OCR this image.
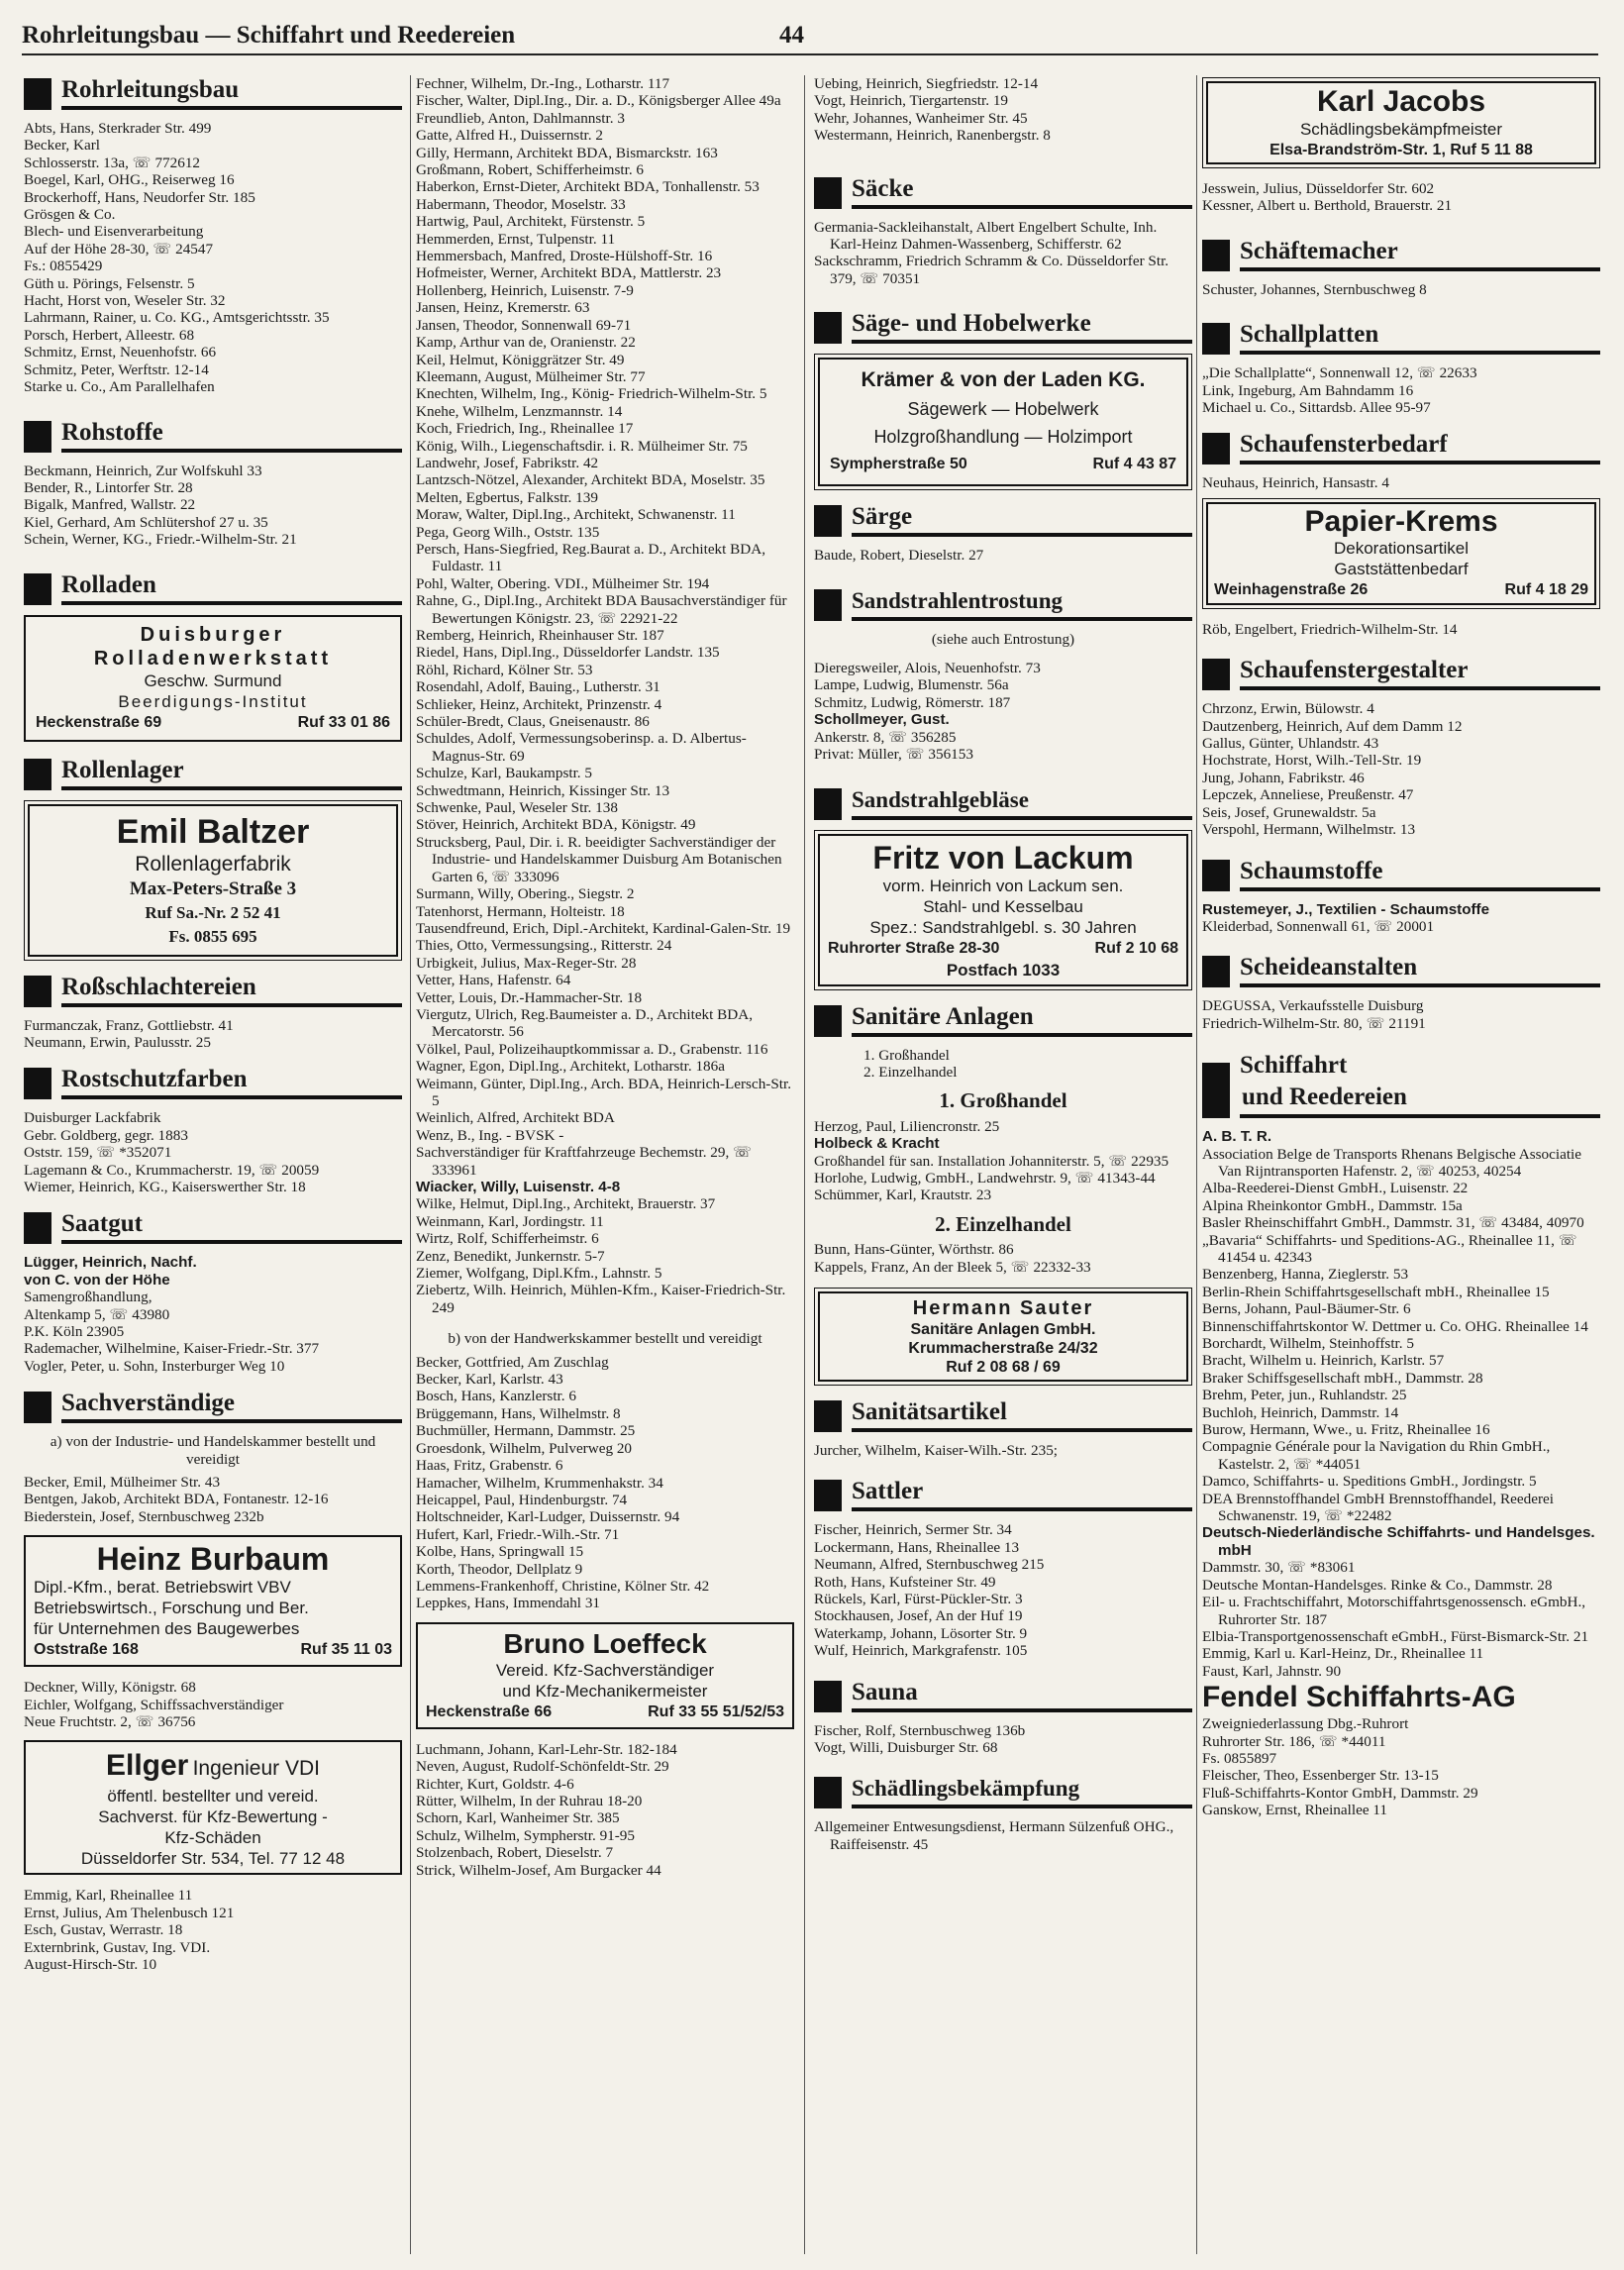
Rohrleitungsbau — Schiffahrt und Reedereien	44
Rohrleitungsbau
Abts, Hans, Sterkrader Str. 499
Becker, Karl
Schlosserstr. 13a, ☏ 772612
Boegel, Karl, OHG., Reiserweg 16
Brockerhoff, Hans, Neudorfer Str. 185
Grösgen & Co.
Blech- und Eisenverarbeitung
Auf der Höhe 28-30, ☏ 24547
Fs.: 0855429
Güth u. Pörings, Felsenstr. 5
Hacht, Horst von, Weseler Str. 32
Lahrmann, Rainer, u. Co. KG., Amtsgerichtsstr. 35
Porsch, Herbert, Alleestr. 68
Schmitz, Ernst, Neuenhofstr. 66
Schmitz, Peter, Werftstr. 12-14
Starke u. Co., Am Parallelhafen
Rohstoffe
Beckmann, Heinrich, Zur Wolfskuhl 33
Bender, R., Lintorfer Str. 28
Bigalk, Manfred, Wallstr. 22
Kiel, Gerhard, Am Schlütershof 27 u. 35
Schein, Werner, KG., Friedr.-Wilhelm-Str. 21
Rolladen
Duisburger
Rolladenwerkstatt
Geschw. Surmund
Beerdigungs-Institut
Heckenstraße 69	Ruf 33 01 86
Rollenlager
Emil Baltzer
Rollenlagerfabrik
Max-Peters-Straße 3
Ruf Sa.-Nr. 2 52 41
Fs. 0855 695
Roßschlachtereien
Furmanczak, Franz, Gottliebstr. 41
Neumann, Erwin, Paulusstr. 25
Rostschutzfarben
Duisburger Lackfabrik
Gebr. Goldberg, gegr. 1883
Oststr. 159, ☏ *352071
Lagemann & Co., Krummacherstr. 19, ☏ 20059
Wiemer, Heinrich, KG., Kaiserswerther Str. 18
Saatgut
Lügger, Heinrich, Nachf.
von C. von der Höhe
Samengroßhandlung,
Altenkamp 5, ☏ 43980
P.K. Köln 23905
Rademacher, Wilhelmine, Kaiser-Friedr.-Str. 377
Vogler, Peter, u. Sohn, Insterburger Weg 10
Sachverständige
a) von der Industrie- und Handelskammer bestellt und vereidigt
Becker, Emil, Mülheimer Str. 43
Bentgen, Jakob, Architekt BDA, Fontanestr. 12-16
Biederstein, Josef, Sternbuschweg 232b
Heinz Burbaum
Dipl.-Kfm., berat. Betriebswirt VBV
Betriebswirtsch., Forschung und Ber.
für Unternehmen des Baugewerbes
Oststraße 168	Ruf 35 11 03
Deckner, Willy, Königstr. 68
Eichler, Wolfgang, Schiffssachverständiger
Neue Fruchtstr. 2, ☏ 36756
Ellger Ingenieur VDI
öffentl. bestellter und vereid.
Sachverst. für Kfz-Bewertung -
Kfz-Schäden
Düsseldorfer Str. 534, Tel. 77 12 48
Emmig, Karl, Rheinallee 11
Ernst, Julius, Am Thelenbusch 121
Esch, Gustav, Werrastr. 18
Externbrink, Gustav, Ing. VDI.
August-Hirsch-Str. 10
Fechner, Wilhelm, Dr.-Ing., Lotharstr. 117
Fischer, Walter, Dipl.Ing., Dir. a. D., Königsberger Allee 49a
Freundlieb, Anton, Dahlmannstr. 3
Gatte, Alfred H., Duissernstr. 2
Gilly, Hermann, Architekt BDA, Bismarckstr. 163
Großmann, Robert, Schifferheimstr. 6
Haberkon, Ernst-Dieter, Architekt BDA, Tonhallenstr. 53
Habermann, Theodor, Moselstr. 33
Hartwig, Paul, Architekt, Fürstenstr. 5
Hemmerden, Ernst, Tulpenstr. 11
Hemmersbach, Manfred, Droste-Hülshoff-Str. 16
Hofmeister, Werner, Architekt BDA, Mattlerstr. 23
Hollenberg, Heinrich, Luisenstr. 7-9
Jansen, Heinz, Kremerstr. 63
Jansen, Theodor, Sonnenwall 69-71
Kamp, Arthur van de, Oranienstr. 22
Keil, Helmut, Königgrätzer Str. 49
Kleemann, August, Mülheimer Str. 77
Knechten, Wilhelm, Ing., König- Friedrich-Wilhelm-Str. 5
Knehe, Wilhelm, Lenzmannstr. 14
Koch, Friedrich, Ing., Rheinallee 17
König, Wilh., Liegenschaftsdir. i. R. Mülheimer Str. 75
Landwehr, Josef, Fabrikstr. 42
Lantzsch-Nötzel, Alexander, Architekt BDA, Moselstr. 35
Melten, Egbertus, Falkstr. 139
Moraw, Walter, Dipl.Ing., Architekt, Schwanenstr. 11
Pega, Georg Wilh., Oststr. 135
Persch, Hans-Siegfried, Reg.Baurat a. D., Architekt BDA, Fuldastr. 11
Pohl, Walter, Obering. VDI., Mülheimer Str. 194
Rahne, G., Dipl.Ing., Architekt BDA Bausachverständiger für Bewertungen Königstr. 23, ☏ 22921-22
Remberg, Heinrich, Rheinhauser Str. 187
Riedel, Hans, Dipl.Ing., Düsseldorfer Landstr. 135
Röhl, Richard, Kölner Str. 53
Rosendahl, Adolf, Bauing., Lutherstr. 31
Schlieker, Heinz, Architekt, Prinzenstr. 4
Schüler-Bredt, Claus, Gneisenaustr. 86
Schuldes, Adolf, Vermessungsoberinsp. a. D. Albertus-Magnus-Str. 69
Schulze, Karl, Baukampstr. 5
Schwedtmann, Heinrich, Kissinger Str. 13
Schwenke, Paul, Weseler Str. 138
Stöver, Heinrich, Architekt BDA, Königstr. 49
Strucksberg, Paul, Dir. i. R. beeidigter Sachverständiger der Industrie- und Handelskammer Duisburg Am Botanischen Garten 6, ☏ 333096
Surmann, Willy, Obering., Siegstr. 2
Tatenhorst, Hermann, Holteistr. 18
Tausendfreund, Erich, Dipl.-Architekt, Kardinal-Galen-Str. 19
Thies, Otto, Vermessungsing., Ritterstr. 24
Urbigkeit, Julius, Max-Reger-Str. 28
Vetter, Hans, Hafenstr. 64
Vetter, Louis, Dr.-Hammacher-Str. 18
Viergutz, Ulrich, Reg.Baumeister a. D., Architekt BDA, Mercatorstr. 56
Völkel, Paul, Polizeihauptkommissar a. D., Grabenstr. 116
Wagner, Egon, Dipl.Ing., Architekt, Lotharstr. 186a
Weimann, Günter, Dipl.Ing., Arch. BDA, Heinrich-Lersch-Str. 5
Weinlich, Alfred, Architekt BDA
Wenz, B., Ing. - BVSK -
Sachverständiger für Kraftfahrzeuge Bechemstr. 29, ☏ 333961
Wiacker, Willy, Luisenstr. 4-8
Wilke, Helmut, Dipl.Ing., Architekt, Brauerstr. 37
Weinmann, Karl, Jordingstr. 11
Wirtz, Rolf, Schifferheimstr. 6
Zenz, Benedikt, Junkernstr. 5-7
Ziemer, Wolfgang, Dipl.Kfm., Lahnstr. 5
Ziebertz, Wilh. Heinrich, Mühlen-Kfm., Kaiser-Friedrich-Str. 249
b) von der Handwerkskammer bestellt und vereidigt
Becker, Gottfried, Am Zuschlag
Becker, Karl, Karlstr. 43
Bosch, Hans, Kanzlerstr. 6
Brüggemann, Hans, Wilhelmstr. 8
Buchmüller, Hermann, Dammstr. 25
Groesdonk, Wilhelm, Pulverweg 20
Haas, Fritz, Grabenstr. 6
Hamacher, Wilhelm, Krummenhakstr. 34
Heicappel, Paul, Hindenburgstr. 74
Holtschneider, Karl-Ludger, Duissernstr. 94
Hufert, Karl, Friedr.-Wilh.-Str. 71
Kolbe, Hans, Springwall 15
Korth, Theodor, Dellplatz 9
Lemmens-Frankenhoff, Christine, Kölner Str. 42
Leppkes, Hans, Immendahl 31
Bruno Loeffeck
Vereid. Kfz-Sachverständiger
und Kfz-Mechanikermeister
Heckenstraße 66	Ruf 33 55 51/52/53
Luchmann, Johann, Karl-Lehr-Str. 182-184
Neven, August, Rudolf-Schönfeldt-Str. 29
Richter, Kurt, Goldstr. 4-6
Rütter, Wilhelm, In der Ruhrau 18-20
Schorn, Karl, Wanheimer Str. 385
Schulz, Wilhelm, Sympherstr. 91-95
Stolzenbach, Robert, Dieselstr. 7
Strick, Wilhelm-Josef, Am Burgacker 44
Uebing, Heinrich, Siegfriedstr. 12-14
Vogt, Heinrich, Tiergartenstr. 19
Wehr, Johannes, Wanheimer Str. 45
Westermann, Heinrich, Ranenbergstr. 8
Säcke
Germania-Sackleihanstalt, Albert Engelbert Schulte, Inh. Karl-Heinz Dahmen-Wassenberg, Schifferstr. 62
Sackschramm, Friedrich Schramm & Co. Düsseldorfer Str. 379, ☏ 70351
Säge- und Hobelwerke
Krämer & von der Laden KG.
Sägewerk — Hobelwerk
Holzgroßhandlung — Holzimport
Sympherstraße 50	Ruf 4 43 87
Särge
Baude, Robert, Dieselstr. 27
Sandstrahlentrostung
(siehe auch Entrostung)
Dieregsweiler, Alois, Neuenhofstr. 73
Lampe, Ludwig, Blumenstr. 56a
Schmitz, Ludwig, Römerstr. 187
Schollmeyer, Gust.
Ankerstr. 8, ☏ 356285
Privat: Müller, ☏ 356153
Sandstrahlgebläse
Fritz von Lackum
vorm. Heinrich von Lackum sen.
Stahl- und Kesselbau
Spez.: Sandstrahlgebl. s. 30 Jahren
Ruhrorter Straße 28-30	Ruf 2 10 68
Postfach 1033
Sanitäre Anlagen
1. Großhandel
2. Einzelhandel
1. Großhandel
Herzog, Paul, Liliencronstr. 25
Holbeck & Kracht
Großhandel für san. Installation Johanniterstr. 5, ☏ 22935
Horlohe, Ludwig, GmbH., Landwehrstr. 9, ☏ 41343-44
Schümmer, Karl, Krautstr. 23
2. Einzelhandel
Bunn, Hans-Günter, Wörthstr. 86
Kappels, Franz, An der Bleek 5, ☏ 22332-33
Hermann Sauter
Sanitäre Anlagen GmbH.
Krummacherstraße 24/32
Ruf 2 08 68 / 69
Sanitätsartikel
Jurcher, Wilhelm, Kaiser-Wilh.-Str. 235;
Sattler
Fischer, Heinrich, Sermer Str. 34
Lockermann, Hans, Rheinallee 13
Neumann, Alfred, Sternbuschweg 215
Roth, Hans, Kufsteiner Str. 49
Rückels, Karl, Fürst-Pückler-Str. 3
Stockhausen, Josef, An der Huf 19
Waterkamp, Johann, Lösorter Str. 9
Wulf, Heinrich, Markgrafenstr. 105
Sauna
Fischer, Rolf, Sternbuschweg 136b
Vogt, Willi, Duisburger Str. 68
Schädlingsbekämpfung
Allgemeiner Entwesungsdienst, Hermann Sülzenfuß OHG., Raiffeisenstr. 45
Karl Jacobs
Schädlingsbekämpfmeister
Elsa-Brandström-Str. 1, Ruf 5 11 88
Jesswein, Julius, Düsseldorfer Str. 602
Kessner, Albert u. Berthold, Brauerstr. 21
Schäftemacher
Schuster, Johannes, Sternbuschweg 8
Schallplatten
„Die Schallplatte“, Sonnenwall 12, ☏ 22633
Link, Ingeburg, Am Bahndamm 16
Michael u. Co., Sittardsb. Allee 95-97
Schaufensterbedarf
Neuhaus, Heinrich, Hansastr. 4
Papier-Krems
Dekorationsartikel
Gaststättenbedarf
Weinhagenstraße 26	Ruf 4 18 29
Röb, Engelbert, Friedrich-Wilhelm-Str. 14
Schaufenstergestalter
Chrzonz, Erwin, Bülowstr. 4
Dautzenberg, Heinrich, Auf dem Damm 12
Gallus, Günter, Uhlandstr. 43
Hochstrate, Horst, Wilh.-Tell-Str. 19
Jung, Johann, Fabrikstr. 46
Lepczek, Anneliese, Preußenstr. 47
Seis, Josef, Grunewaldstr. 5a
Verspohl, Hermann, Wilhelmstr. 13
Schaumstoffe
Rustemeyer, J., Textilien - Schaumstoffe
Kleiderbad, Sonnenwall 61, ☏ 20001
Scheideanstalten
DEGUSSA, Verkaufsstelle Duisburg
Friedrich-Wilhelm-Str. 80, ☏ 21191
Schiffahrt
und Reedereien
A. B. T. R.
Association Belge de Transports Rhenans Belgische Associatie Van Rijntransporten Hafenstr. 2, ☏ 40253, 40254
Alba-Reederei-Dienst GmbH., Luisenstr. 22
Alpina Rheinkontor GmbH., Dammstr. 15a
Basler Rheinschiffahrt GmbH., Dammstr. 31, ☏ 43484, 40970
„Bavaria“ Schiffahrts- und Speditions-AG., Rheinallee 11, ☏ 41454 u. 42343
Benzenberg, Hanna, Zieglerstr. 53
Berlin-Rhein Schiffahrtsgesellschaft mbH., Rheinallee 15
Berns, Johann, Paul-Bäumer-Str. 6
Binnenschiffahrtskontor W. Dettmer u. Co. OHG. Rheinallee 14
Borchardt, Wilhelm, Steinhoffstr. 5
Bracht, Wilhelm u. Heinrich, Karlstr. 57
Braker Schiffsgesellschaft mbH., Dammstr. 28
Brehm, Peter, jun., Ruhlandstr. 25
Buchloh, Heinrich, Dammstr. 14
Burow, Hermann, Wwe., u. Fritz, Rheinallee 16
Compagnie Générale pour la Navigation du Rhin GmbH., Kastelstr. 2, ☏ *44051
Damco, Schiffahrts- u. Speditions GmbH., Jordingstr. 5
DEA Brennstoffhandel GmbH Brennstoffhandel, Reederei Schwanenstr. 19, ☏ *22482
Deutsch-Niederländische Schiffahrts- und Handelsges. mbH
Dammstr. 30, ☏ *83061
Deutsche Montan-Handelsges. Rinke & Co., Dammstr. 28
Eil- u. Frachtschiffahrt, Motorschiffahrtsgenossensch. eGmbH., Ruhrorter Str. 187
Elbia-Transportgenossenschaft eGmbH., Fürst-Bismarck-Str. 21
Emmig, Karl u. Karl-Heinz, Dr., Rheinallee 11
Faust, Karl, Jahnstr. 90
Fendel Schiffahrts-AG
Zweigniederlassung Dbg.-Ruhrort
Ruhrorter Str. 186, ☏ *44011
Fs. 0855897
Fleischer, Theo, Essenberger Str. 13-15
Fluß-Schiffahrts-Kontor GmbH, Dammstr. 29
Ganskow, Ernst, Rheinallee 11
